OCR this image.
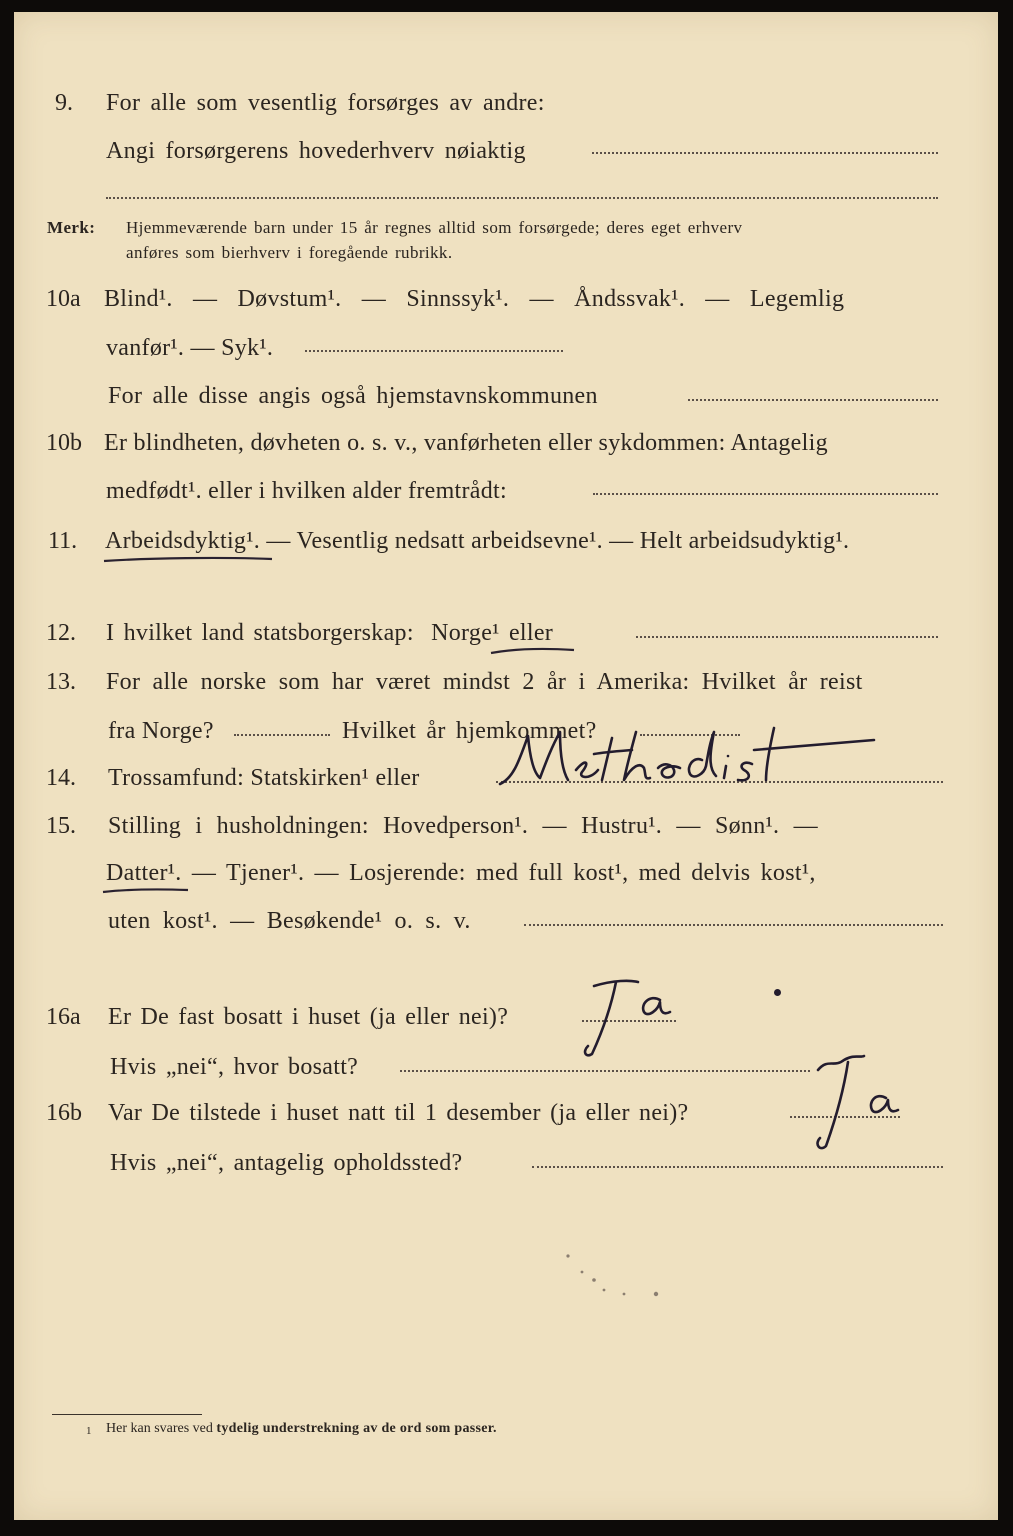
9. For alle som vesentlig forsørges av andre:
Angi forsørgerens hovederhverv nøiaktig
Merk: Hjemmeværende barn under 15 år regnes alltid som forsørgede; deres eget erhverv
anføres som bierhverv i foregående rubrikk.
10a Blind¹. — Døvstum¹. — Sinnssyk¹. — Åndssvak¹. — Legemlig
vanfør¹. — Syk¹.
For alle disse angis også hjemstavnskommunen
10b Er blindheten, døvheten o. s. v., vanførheten eller sykdommen: Antagelig
medfødt¹. eller i hvilken alder fremtrådt:
11. Arbeidsdyktig¹. — Vesentlig nedsatt arbeidsevne¹. — Helt arbeidsudyktig¹.
12. I hvilket land statsborgerskap: Norge¹ eller
13. For alle norske som har været mindst 2 år i Amerika: Hvilket år reist
fra Norge?	Hvilket år hjemkommet?
14. Trossamfund: Statskirken¹ eller
15. Stilling i husholdningen: Hovedperson¹. — Hustru¹. — Sønn¹. —
Datter¹. — Tjener¹. — Losjerende: med full kost¹, med delvis kost¹,
uten kost¹. — Besøkende¹ o. s. v.
16a Er De fast bosatt i huset (ja eller nei)?
Hvis „nei“, hvor bosatt?
16b Var De tilstede i huset natt til 1 desember (ja eller nei)?
Hvis „nei“, antagelig opholdssted?
1 Her kan svares ved tydelig understrekning av de ord som passer.
